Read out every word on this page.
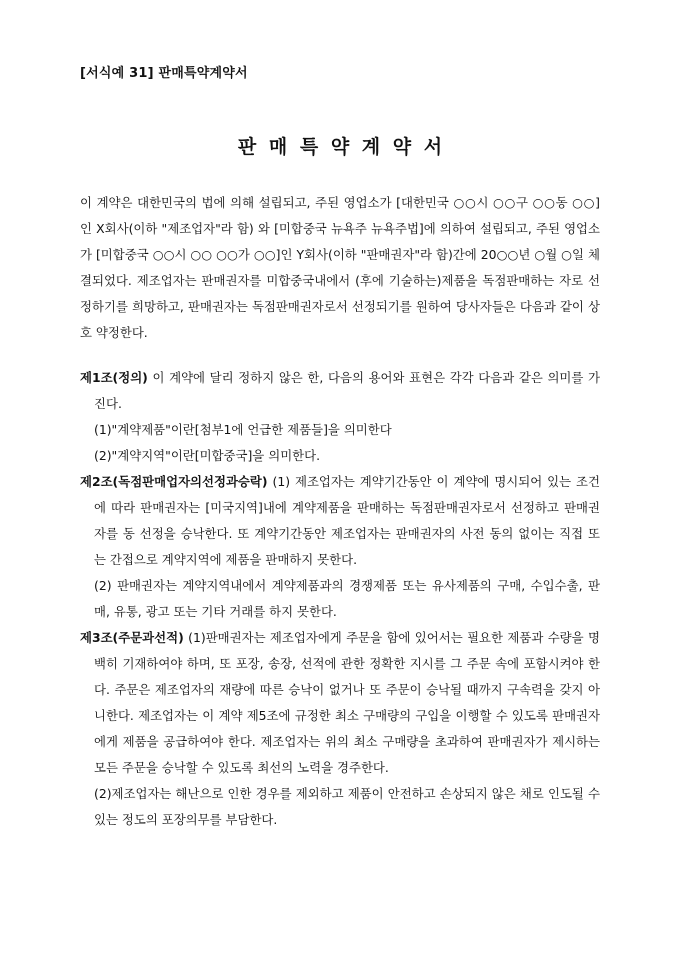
[서식예 31] 판매특약계약서
판 매 특 약 계 약 서

이 계약은 대한민국의 법에 의해 설립되고, 주된 영업소가 [대한민국 ○○시 ○○구 ○○동 ○○] 인 X회사(이하 "제조업자"라 함) 와 [미합중국 뉴욕주 뉴욕주법]에 의하여 설립되고, 주된 영업소가 [미합중국 ○○시 ○○ ○○가 ○○]인 Y회사(이하 "판매권자"라 함)간에 20○○년 ○월 ○일 체결되었다. 제조업자는 판매권자를 미합중국내에서 (후에 기술하는)제품을 독점판매하는 자로 선정하기를 희망하고, 판매권자는 독점판매권자로서 선정되기를 원하여 당사자들은 다음과 같이 상호 약정한다.

제1조(정의) 이 계약에 달리 정하지 않은 한, 다음의 용어와 표현은 각각 다음과 같은 의미를 가진다.

(1)"계약제품"이란[첨부1에 언급한 제품들]을 의미한다

(2)"계약지역"이란[미합중국]을 의미한다.

제2조(독점판매업자의선정과승락) (1) 제조업자는 계약기간동안 이 계약에 명시되어 있는 조건에 따라 판매권자는 [미국지역]내에 계약제품을 판매하는 독점판매권자로서 선정하고 판매권자를 동 선정을 승낙한다. 또 계약기간동안 제조업자는 판매권자의 사전 동의 없이는 직접 또는 간접으로 계약지역에 제품을 판매하지 못한다.

(2) 판매권자는 계약지역내에서 계약제품과의 경쟁제품 또는 유사제품의 구매, 수입수출, 판매, 유통, 광고 또는 기타 거래를 하지 못한다.

제3조(주문과선적) (1)판매권자는 제조업자에게 주문을 함에 있어서는 필요한 제품과 수량을 명백히 기재하여야 하며, 또 포장, 송장, 선적에 관한 정확한 지시를 그 주문 속에 포함시켜야 한다. 주문은 제조업자의 재량에 따른 승낙이 없거나 또 주문이 승낙될 때까지 구속력을 갖지 아니한다. 제조업자는 이 계약 제5조에 규정한 최소 구매량의 구입을 이행할 수 있도록 판매권자에게 제품을 공급하여야 한다. 제조업자는 위의 최소 구매량을 초과하여 판매권자가 제시하는 모든 주문을 승낙할 수 있도록 최선의 노력을 경주한다.

(2)제조업자는 해난으로 인한 경우를 제외하고 제품이 안전하고 손상되지 않은 채로 인도될 수 있는 정도의 포장의무를 부담한다.
